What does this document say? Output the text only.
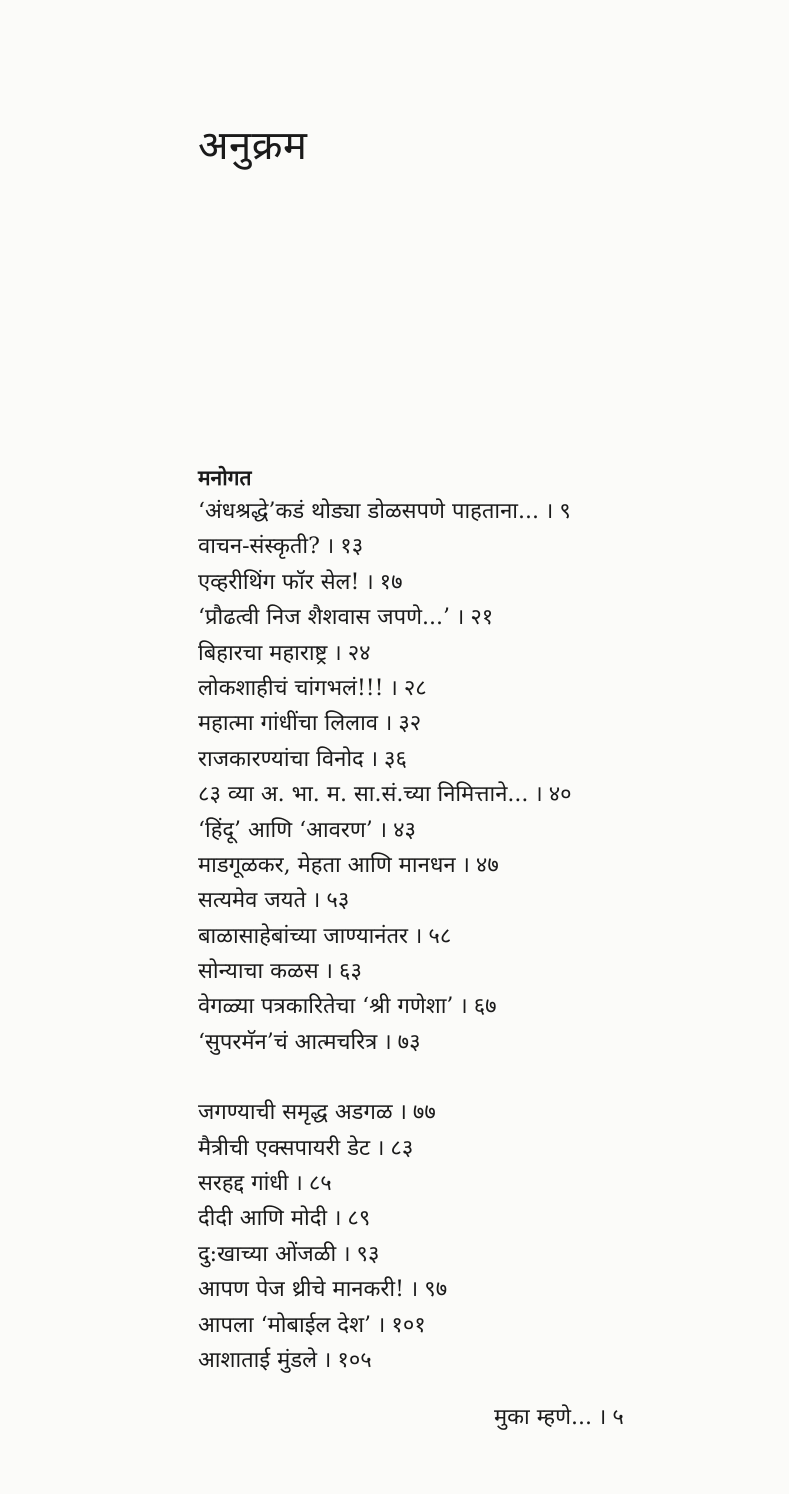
अनुक्रम
मनोगत
‘अंधश्रद्धे’कडं थोड्या डोळसपणे पाहताना... । ९
वाचन-संस्कृती? । १३
एव्हरीथिंग फॉर सेल! । १७
‘प्रौढत्वी निज शैशवास जपणे...’ । २१
बिहारचा महाराष्ट्र । २४
लोकशाहीचं चांगभलं!!! । २८
महात्मा गांधींचा लिलाव । ३२
राजकारण्यांचा विनोद । ३६
८३ व्या अ. भा. म. सा.सं.च्या निमित्ताने... । ४०
‘हिंदू’ आणि ‘आवरण’ । ४३
माडगूळकर, मेहता आणि मानधन । ४७
सत्यमेव जयते । ५३
बाळासाहेबांच्या जाण्यानंतर । ५८
सोन्याचा कळस । ६३
वेगळ्या पत्रकारितेचा ‘श्री गणेशा’ । ६७
‘सुपरमॅन’चं आत्मचरित्र । ७३
जगण्याची समृद्ध अडगळ । ७७
मैत्रीची एक्सपायरी डेट । ८३
सरहद्द गांधी । ८५
दीदी आणि मोदी । ८९
दु:खाच्या ओंजळी । ९३
आपण पेज थ्रीचे मानकरी! । ९७
आपला ‘मोबाईल देश’ । १०१
आशाताई मुंडले । १०५
मुका म्हणे... । ५
